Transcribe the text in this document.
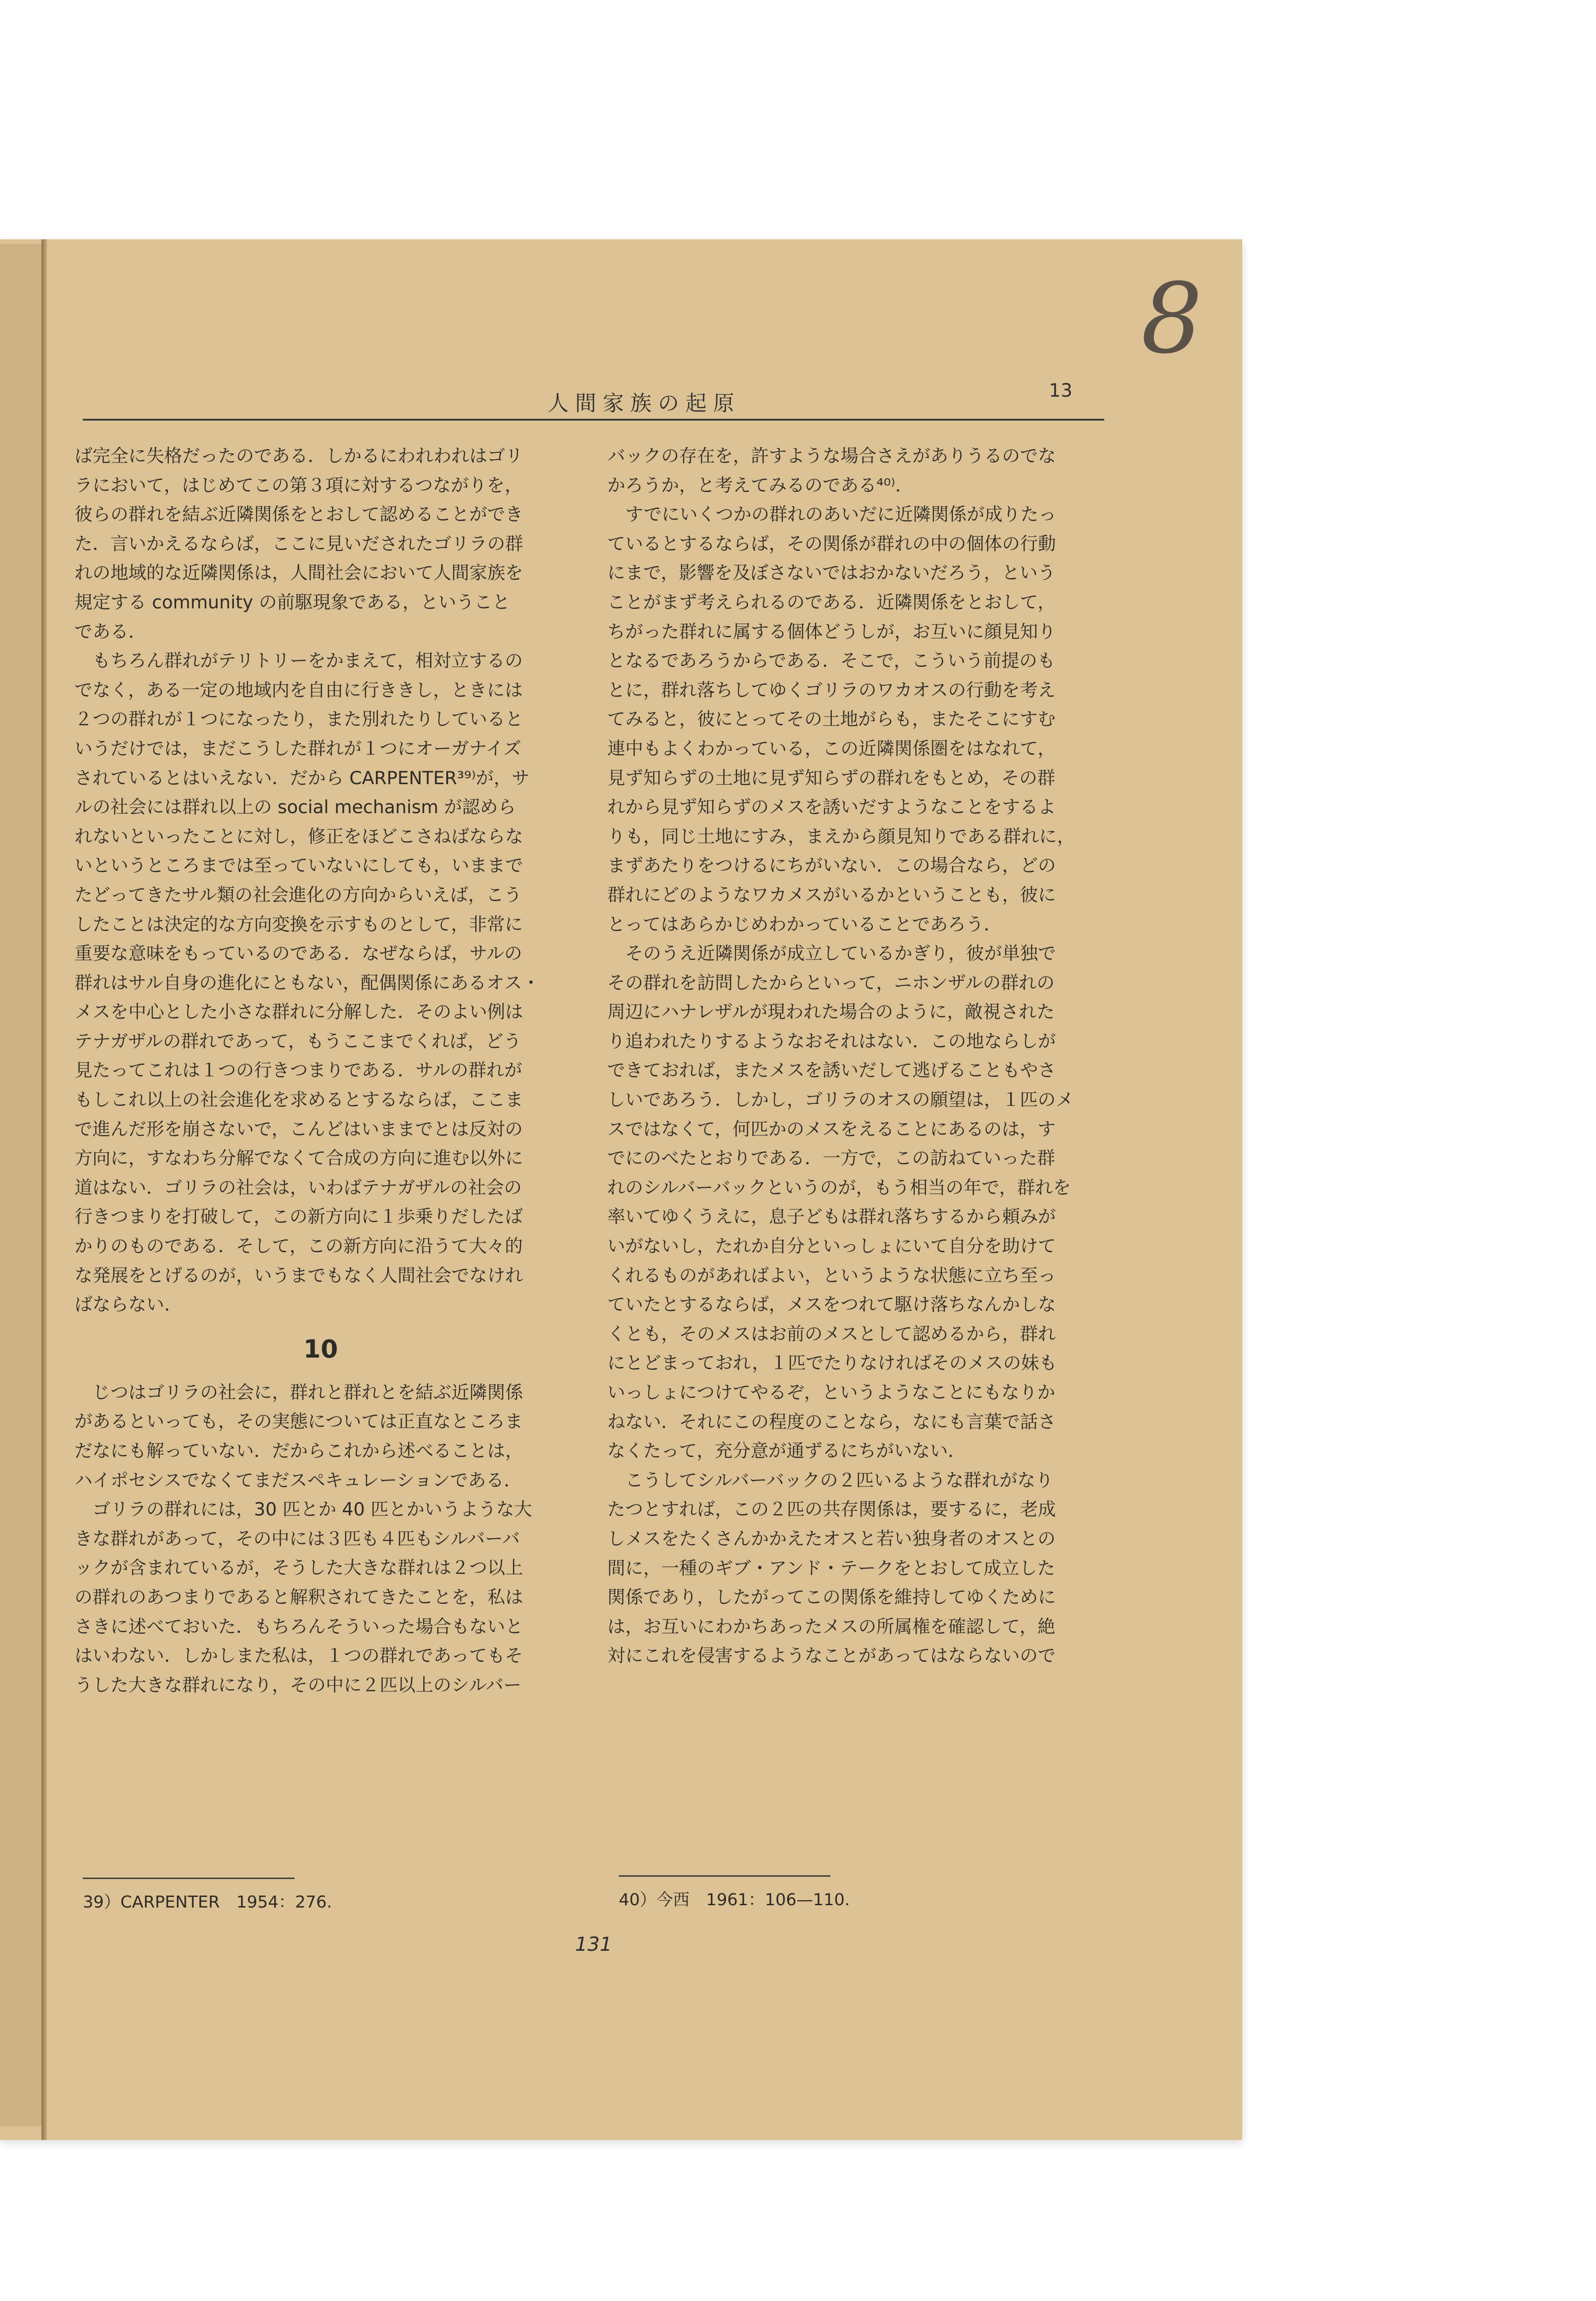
8
人間家族の起原	13

ば完全に失格だったのである．しかるにわれわれはゴリ
ラにおいて，はじめてこの第３項に対するつながりを，
彼らの群れを結ぶ近隣関係をとおして認めることができ
た．言いかえるならば，ここに見いだされたゴリラの群
れの地域的な近隣関係は，人間社会において人間家族を
規定する community の前駆現象である，ということ
である．

　もちろん群れがテリトリーをかまえて，相対立するの
でなく，ある一定の地域内を自由に行ききし，ときには
２つの群れが１つになったり，また別れたりしていると
いうだけでは，まだこうした群れが１つにオーガナイズ
されているとはいえない．だから CARPENTER³⁹⁾が，サ
ルの社会には群れ以上の social mechanism が認めら
れないといったことに対し，修正をほどこさねばならな
いというところまでは至っていないにしても，いままで
たどってきたサル類の社会進化の方向からいえば，こう
したことは決定的な方向変換を示すものとして，非常に
重要な意味をもっているのである．なぜならば，サルの
群れはサル自身の進化にともない，配偶関係にあるオス・
メスを中心とした小さな群れに分解した．そのよい例は
テナガザルの群れであって，もうここまでくれば，どう
見たってこれは１つの行きつまりである．サルの群れが
もしこれ以上の社会進化を求めるとするならば，ここま
で進んだ形を崩さないで，こんどはいままでとは反対の
方向に，すなわち分解でなくて合成の方向に進む以外に
道はない．ゴリラの社会は，いわばテナガザルの社会の
行きつまりを打破して，この新方向に１歩乗りだしたば
かりのものである．そして，この新方向に沿うて大々的
な発展をとげるのが，いうまでもなく人間社会でなけれ
ばならない．

10

　じつはゴリラの社会に，群れと群れとを結ぶ近隣関係
があるといっても，その実態については正直なところま
だなにも解っていない．だからこれから述べることは，
ハイポセシスでなくてまだスペキュレーションである．

　ゴリラの群れには，30 匹とか 40 匹とかいうような大
きな群れがあって，その中には３匹も４匹もシルバーバ
ックが含まれているが，そうした大きな群れは２つ以上
の群れのあつまりであると解釈されてきたことを，私は
さきに述べておいた．もちろんそういった場合もないと
はいわない．しかしまた私は，１つの群れであってもそ
うした大きな群れになり，その中に２匹以上のシルバー

39）CARPENTER　1954：276.

バックの存在を，許すような場合さえがありうるのでな
かろうか，と考えてみるのである⁴⁰⁾．

　すでにいくつかの群れのあいだに近隣関係が成りたっ
ているとするならば，その関係が群れの中の個体の行動
にまで，影響を及ぼさないではおかないだろう，という
ことがまず考えられるのである．近隣関係をとおして，
ちがった群れに属する個体どうしが，お互いに顔見知り
となるであろうからである．そこで，こういう前提のも
とに，群れ落ちしてゆくゴリラのワカオスの行動を考え
てみると，彼にとってその土地がらも，またそこにすむ
連中もよくわかっている，この近隣関係圏をはなれて，
見ず知らずの土地に見ず知らずの群れをもとめ，その群
れから見ず知らずのメスを誘いだすようなことをするよ
りも，同じ土地にすみ，まえから顔見知りである群れに，
まずあたりをつけるにちがいない．この場合なら，どの
群れにどのようなワカメスがいるかということも，彼に
とってはあらかじめわかっていることであろう．

　そのうえ近隣関係が成立しているかぎり，彼が単独で
その群れを訪問したからといって，ニホンザルの群れの
周辺にハナレザルが現われた場合のように，敵視された
り追われたりするようなおそれはない．この地ならしが
できておれば，またメスを誘いだして逃げることもやさ
しいであろう．しかし，ゴリラのオスの願望は，１匹のメ
スではなくて，何匹かのメスをえることにあるのは，す
でにのべたとおりである．一方で，この訪ねていった群
れのシルバーバックというのが，もう相当の年で，群れを
率いてゆくうえに，息子どもは群れ落ちするから頼みが
いがないし，たれか自分といっしょにいて自分を助けて
くれるものがあればよい，というような状態に立ち至っ
ていたとするならば，メスをつれて駆け落ちなんかしな
くとも，そのメスはお前のメスとして認めるから，群れ
にとどまっておれ，１匹でたりなければそのメスの妹も
いっしょにつけてやるぞ，というようなことにもなりか
ねない．それにこの程度のことなら，なにも言葉で話さ
なくたって，充分意が通ずるにちがいない．

　こうしてシルバーバックの２匹いるような群れがなり
たつとすれば，この２匹の共存関係は，要するに，老成
しメスをたくさんかかえたオスと若い独身者のオスとの
間に，一種のギブ・アンド・テークをとおして成立した
関係であり，したがってこの関係を維持してゆくために
は，お互いにわかちあったメスの所属権を確認して，絶
対にこれを侵害するようなことがあってはならないので

40）今西　1961：106—110.
131
